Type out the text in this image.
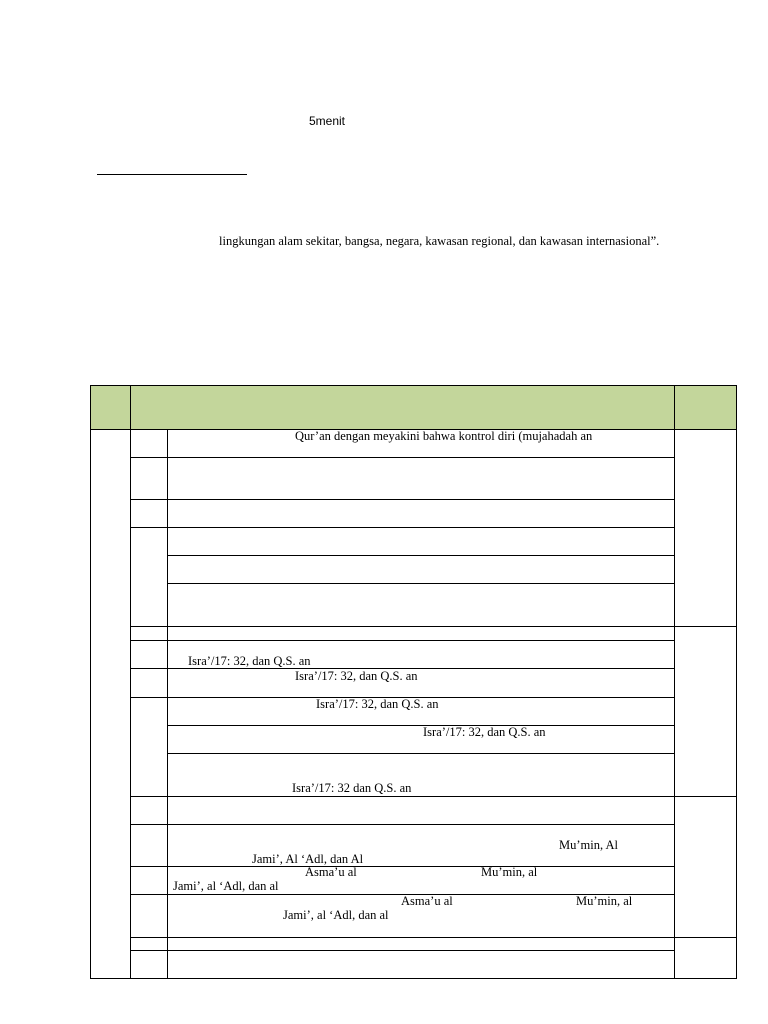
5menit
lingkungan alam sekitar, bangsa, negara, kawasan regional, dan kawasan internasional”.
Qur’an dengan meyakini bahwa kontrol diri (mujahadah an
Isra’/17: 32, dan Q.S. an
Isra’/17: 32, dan Q.S. an
Isra’/17: 32, dan Q.S. an
Isra’/17: 32, dan Q.S. an
Isra’/17: 32 dan Q.S. an
Mu’min, Al
Jami’, Al ‘Adl, dan Al
Asma’u al	Mu’min, al
Jami’, al ‘Adl, dan al
Asma’u al	Mu’min, al
Jami’, al ‘Adl, dan al
